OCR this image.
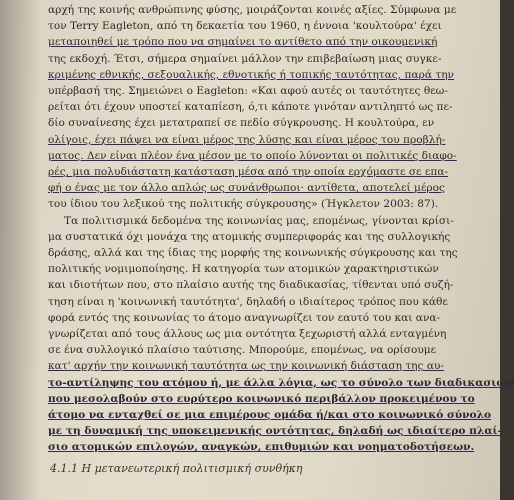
αρχή της κοινής ανθρώπινης φύσης, μοιράζονται κοινές αξίες. Σύμφωνα με
τον Terry Eagleton, από τη δεκαετία του 1960, η έννοια 'κουλτούρα' έχει
μεταποιηθεί με τρόπο που να σημαίνει το αντίθετο από την οικουμενική
της εκδοχή. Έτσι, σήμερα σημαίνει μάλλον την επιβεβαίωση μιας συγκε-
κριμένης εθνικής, σεξουαλικής, εθνοτικής ή τοπικής ταυτότητας, παρά την
υπέρβασή της. Σημειώνει ο Eagleton: «Και αφού αυτές οι ταυτότητες θεω-
ρείται ότι έχουν υποστεί καταπίεση, ό,τι κάποτε γινόταν αντιληπτό ως πε-
δίο συναίνεσης έχει μετατραπεί σε πεδίο σύγκρουσης. Η κουλτούρα, εν
ολίγοις, έχει πάψει να είναι μέρος της λύσης και είναι μέρος του προβλή-
ματος. Δεν είναι πλέον ένα μέσον με το οποίο λύνονται οι πολιτικές διαφο-
ρές, μια πολυδιάστατη κατάσταση μέσα από την οποία ερχόμαστε σε επα-
φή ο ένας με τον άλλο απλώς ως συνάνθρωποι· αντίθετα, αποτελεί μέρος
του ίδιου του λεξικού της πολιτικής σύγκρουσης» (Ήγκλετον 2003: 87).
Τα πολιτισμικά δεδομένα της κοινωνίας μας, επομένως, γίνονται κρίσι-
μα συστατικά όχι μονάχα της ατομικής συμπεριφοράς και της συλλογικής
δράσης, αλλά και της ίδιας της μορφής της κοινωνικής σύγκρουσης και της
πολιτικής νομιμοποίησης. Η κατηγορία των ατομικών χαρακτηριστικών
και ιδιοτήτων που, στο πλαίσιο αυτής της διαδικασίας, τίθενται υπό συζή-
τηση είναι η 'κοινωνική ταυτότητα', δηλαδή ο ιδιαίτερος τρόπος που κάθε
φορά εντός της κοινωνίας το άτομο αναγνωρίζει τον εαυτό του και ανα-
γνωρίζεται από τους άλλους ως μια οντότητα ξεχωριστή αλλά ενταγμένη
σε ένα συλλογικό πλαίσιο ταύτισης. Μπορούμε, επομένως, να ορίσουμε
κατ' αρχήν την κοινωνική ταυτότητα ως την κοινωνική διάσταση της αυ-
το-αντίληψης του ατόμου ή, με άλλα λόγια, ως το σύνολο των διαδικασιών
που μεσολαβούν στο ευρύτερο κοινωνικό περιβάλλον προκειμένου το
άτομο να ενταχθεί σε μια επιμέρους ομάδα ή/και στο κοινωνικό σύνολο
με τη δυναμική της υποκειμενικής οντότητας, δηλαδή ως ιδιαίτερο πλαί-
σιο ατομικών επιλογών, αναγκών, επιθυμιών και νοηματοδοτήσεων.
4.1.1 Η μετανεωτερική πολιτισμική συνθήκη
